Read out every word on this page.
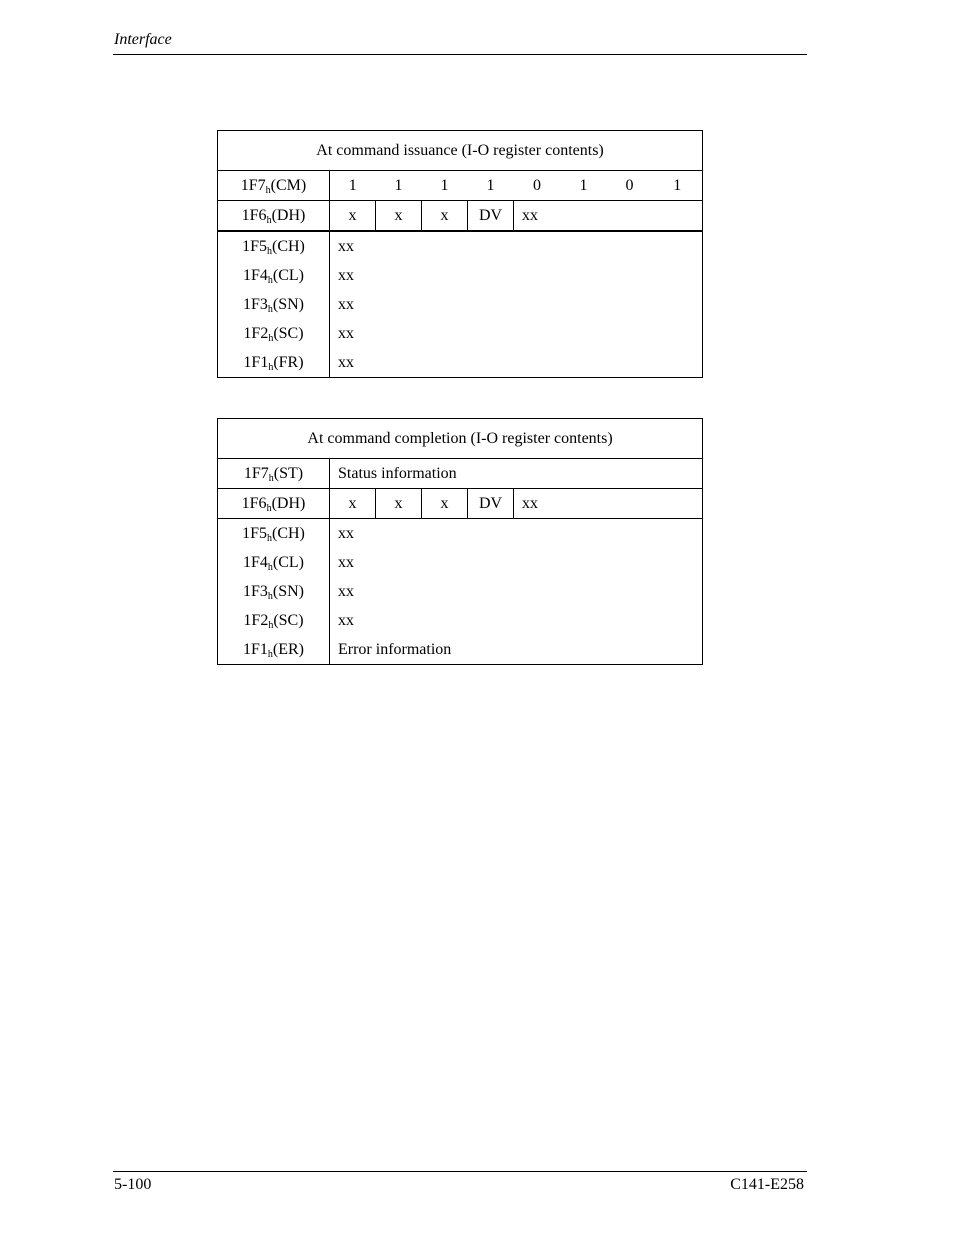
Interface
At command issuance (I-O register contents)								
$1F7_h(CM)$	1	1	1	1	0	1	0	1
$1F6_h(DH)$	x	x	x	DV	xx			
$1F5_h(CH)$	xx							
$1F4_h(CL)$	xx							
$1F3_h(SN)$	xx							
$1F2_h(SC)$	xx							
$1F1_h(FR)$	xx							
At command completion (I-O register contents)					
$1F7_h(ST)$	Status information				
$1F6_h(DH)$	x	x	x	DV	xx
$1F5_h(CH)$	xx				
$1F4_h(CL)$	xx				
$1F3_h(SN)$	xx				
$1F2_h(SC)$	xx				
$1F1_h(ER)$	Error information				
5-100	C141-E258
